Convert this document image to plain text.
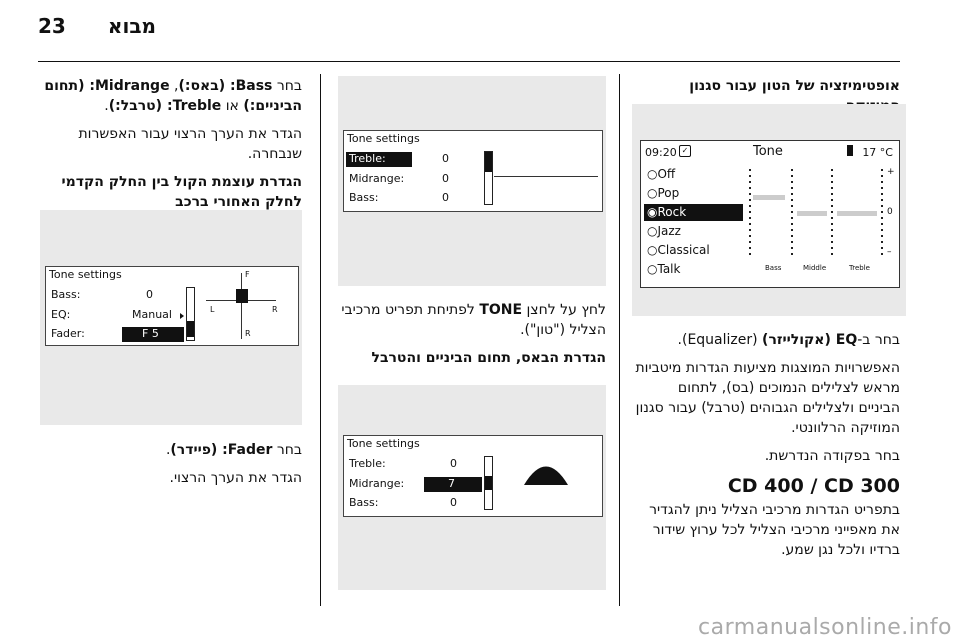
23 מבוא
אופטימיזציה של הטון עבור סגנון
09:20 ✓	Tone	17 °C
○Off
○Pop
◉Rock
○Jazz
○Classical
○Talk
+
0
–
Bass	Middle	Treble

בחר ב-EQ (אקולייזר) (Equalizer).

האפשרויות המוצגות מציעות הגדרות מיטביות מראש לצלילים הנמוכים (בס), לתחום הביניים ולצלילים הגבוהים (טרבל) עבור סגנון המוזיקה הרלוונטי.

בחר בפקודה הנדרשת.

CD 400 / CD 300

בתפריט הגדרות מרכיבי הצליל ניתן להגדיר את מאפייני מרכיבי הצליל לכל ערוץ שידור ברדיו ולכל נגן שמע.

Tone settings
Treble:	0
Midrange:	0
Bass:	0

לחץ על לחצן TONE לפתיחת תפריט מרכיבי הצליל ("טון").

הגדרת הבאס, תחום הביניים והטרבל
Tone settings
Treble:	0
Midrange:	7
Bass:	0

בחר Bass: (באס:), Midrange: (תחום הביניים:) או Treble: (טרבל:).

הגדר את הערך הרצוי עבור האפשרות שנבחרה.

הגדרת עוצמת הקול בין החלק הקדמי לחלק האחורי ברכב
Tone settings
Bass:	0
EQ:	Manual
Fader:	F 5
F
R
L	R

בחר Fader: (פיידר).

הגדר את הערך הרצוי.

carmanualsonline.info
